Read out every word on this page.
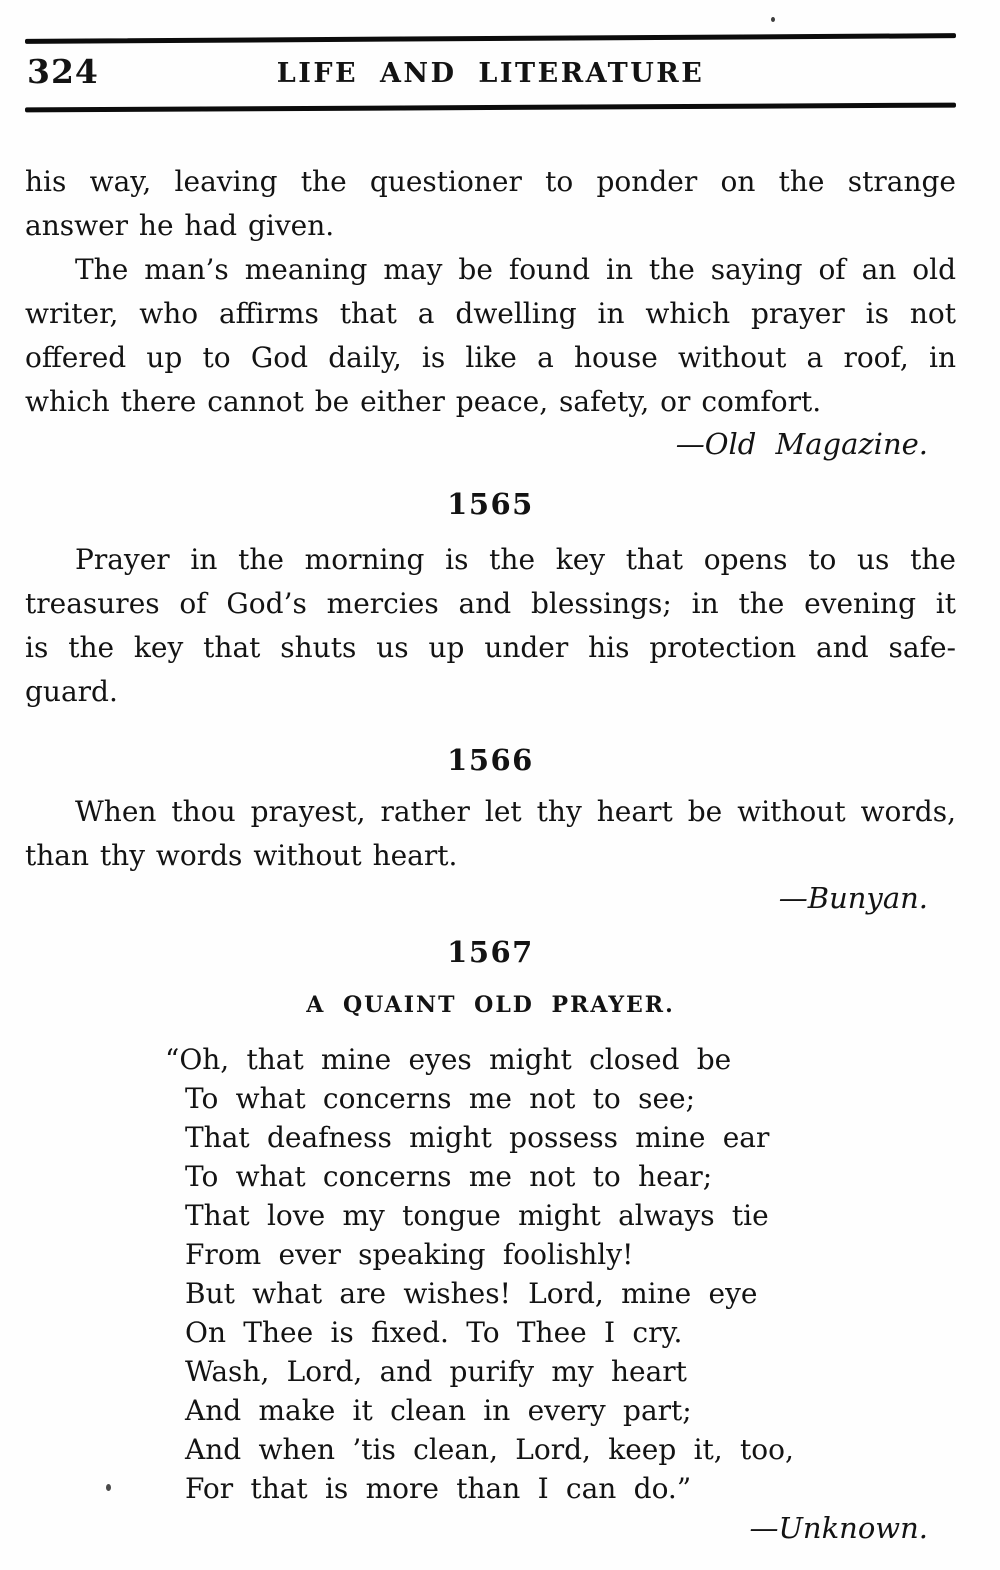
324	LIFE AND LITERATURE
his way, leaving the questioner to ponder on the strange
answer he had given.
The man’s meaning may be found in the saying of an old
writer, who affirms that a dwelling in which prayer is not
offered up to God daily, is like a house without a roof, in
which there cannot be either peace, safety, or comfort.
—Old Magazine.
1565
Prayer in the morning is the key that opens to us the
treasures of God’s mercies and blessings; in the evening it
is the key that shuts us up under his protection and safe-
guard.
1566
When thou prayest, rather let thy heart be without words,
than thy words without heart.
—Bunyan.
1567
A QUAINT OLD PRAYER.
“Oh, that mine eyes might closed be
To what concerns me not to see;
That deafness might possess mine ear
To what concerns me not to hear;
That love my tongue might always tie
From ever speaking foolishly!
But what are wishes! Lord, mine eye
On Thee is fixed. To Thee I cry.
Wash, Lord, and purify my heart
And make it clean in every part;
And when ’tis clean, Lord, keep it, too,
For that is more than I can do.”
—Unknown.
